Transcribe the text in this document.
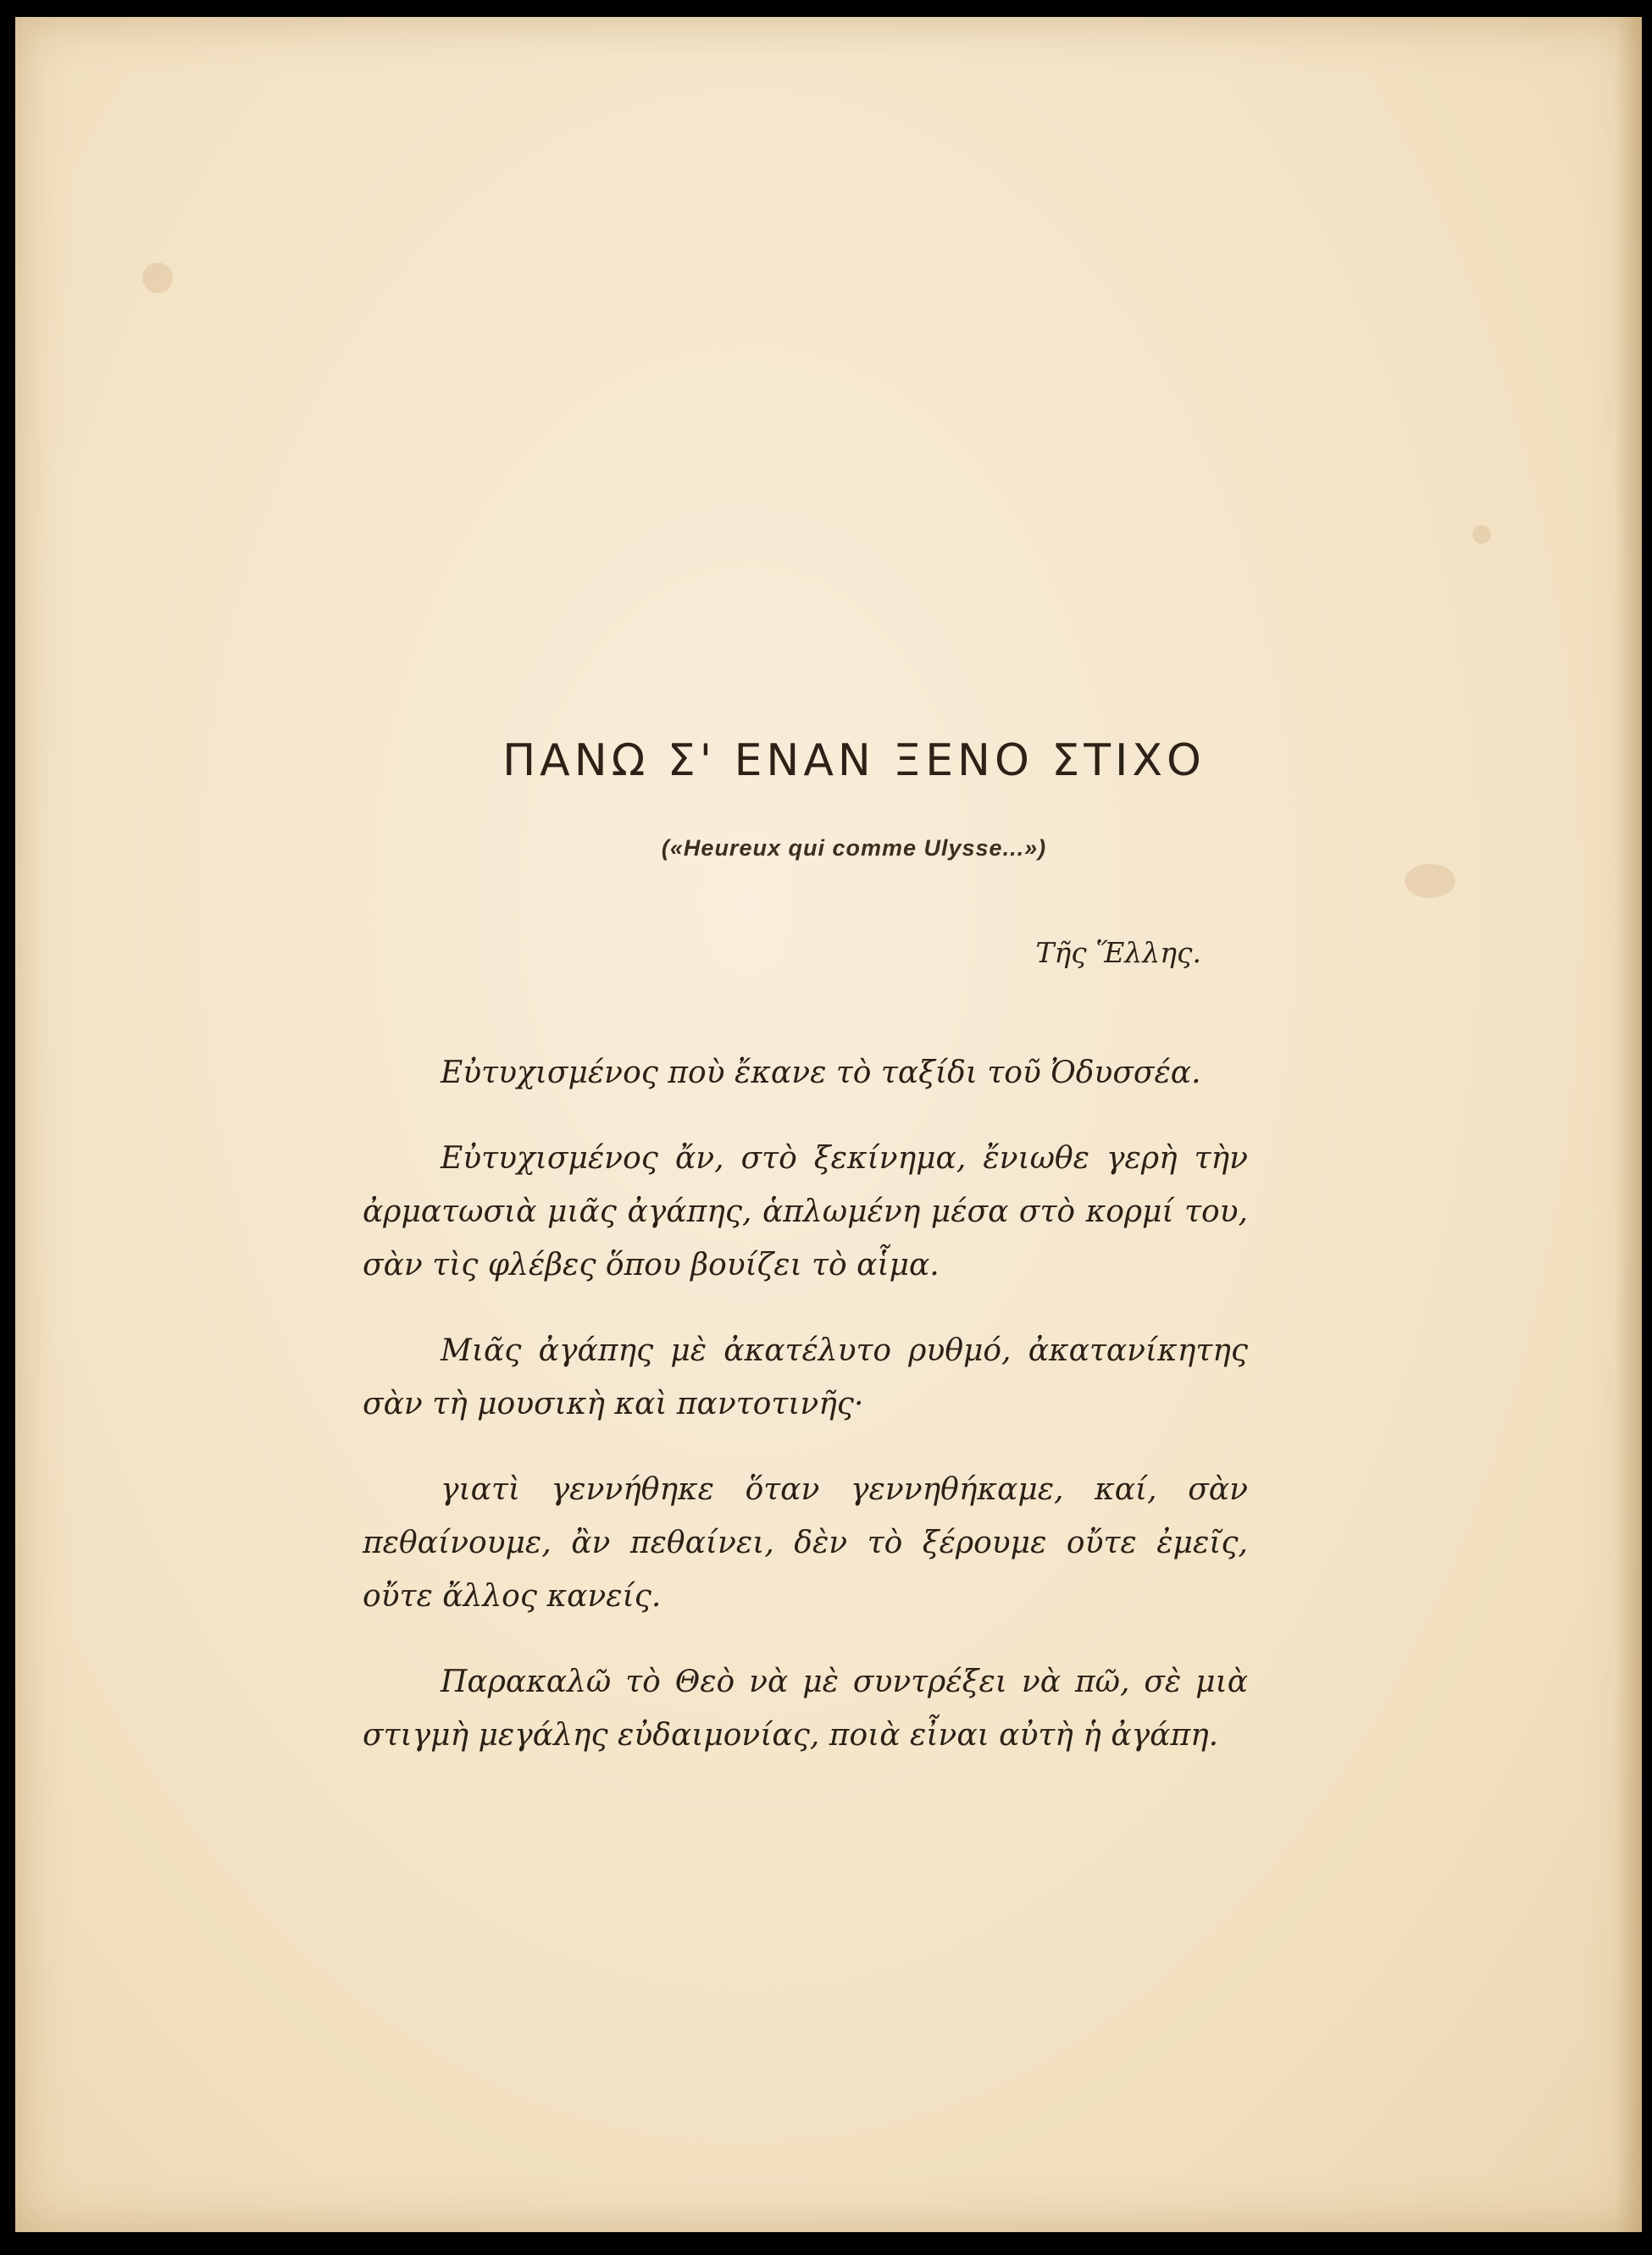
ΠΑΝΩ Σ' ΕΝΑΝ ΞΕΝΟ ΣΤΙΧΟ
(«Heureux qui comme Ulysse...»)
Τῆς Ἕλλης.

Εὐτυχισμένος ποὺ ἔκανε τὸ ταξίδι τοῦ Ὀδυσσέα.

Εὐτυχισμένος ἄν, στὸ ξεκίνημα, ἔνιωθε γερὴ τὴν ἀρματωσιὰ μιᾶς ἀγάπης, ἁπλωμένη μέσα στὸ κορμί του, σὰν τὶς φλέβες ὅπου βουίζει τὸ αἷμα.

Μιᾶς ἀγάπης μὲ ἀκατέλυτο ρυθμό, ἀκατανίκητης σὰν τὴ μουσικὴ καὶ παντοτινῆς·

γιατὶ γεννήθηκε ὅταν γεννηθήκαμε, καί, σὰν πεθαίνουμε, ἂν πεθαίνει, δὲν τὸ ξέρουμε οὔτε ἐμεῖς, οὔτε ἄλλος κανείς.

Παρακαλῶ τὸ Θεὸ νὰ μὲ συντρέξει νὰ πῶ, σὲ μιὰ στιγμὴ μεγάλης εὐδαιμονίας, ποιὰ εἶναι αὐτὴ ἡ ἀγάπη.
